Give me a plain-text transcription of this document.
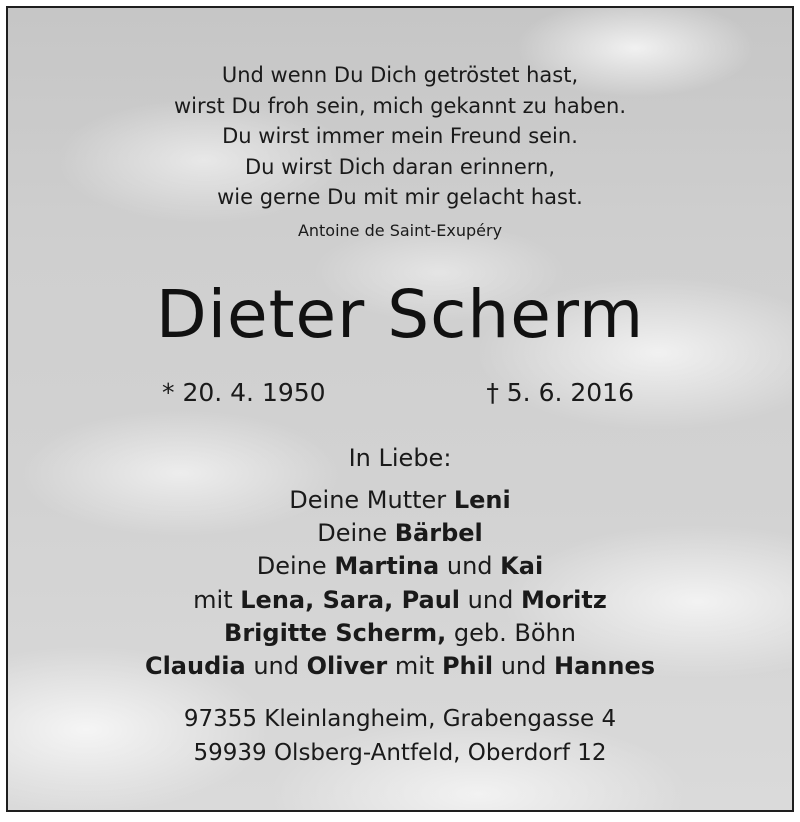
Und wenn Du Dich getröstet hast,
wirst Du froh sein, mich gekannt zu haben.
Du wirst immer mein Freund sein.
Du wirst Dich daran erinnern,
wie gerne Du mit mir gelacht hast.
Antoine de Saint-Exupéry
Dieter Scherm
* 20. 4. 1950	† 5. 6. 2016
In Liebe:
Deine Mutter Leni
Deine Bärbel
Deine Martina und Kai
mit Lena, Sara, Paul und Moritz
Brigitte Scherm, geb. Böhn
Claudia und Oliver mit Phil und Hannes
97355 Kleinlangheim, Grabengasse 4
59939 Olsberg-Antfeld, Oberdorf 12
